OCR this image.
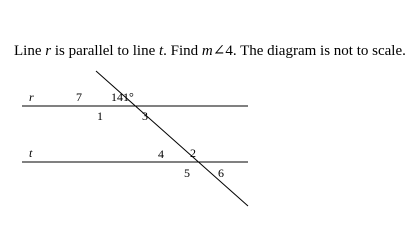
Line r is parallel to line t. Find m∠4. The diagram is not to scale.
r
t
7 141°
1	3
4 2
5 6
